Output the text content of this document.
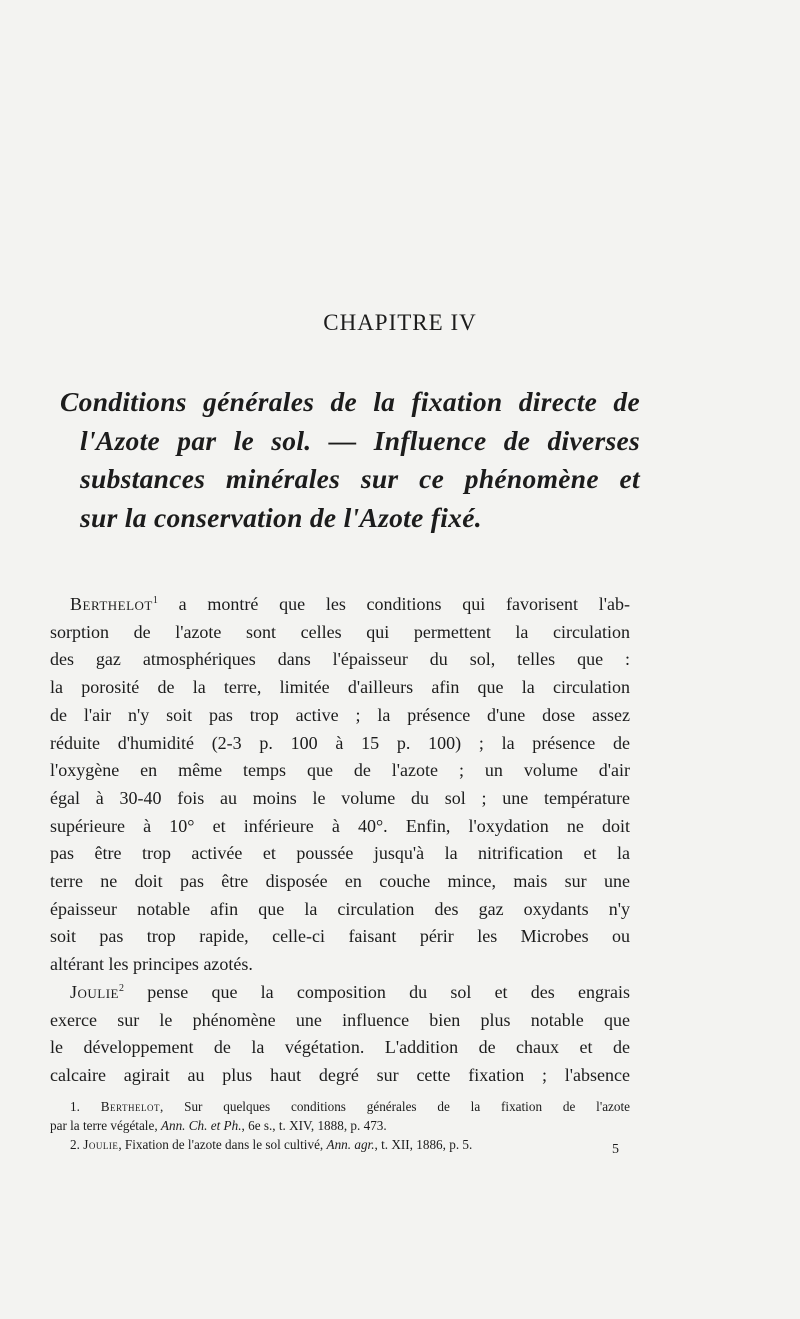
CHAPITRE IV
Conditions générales de la fixation directe de
l'Azote par le sol. — Influence de diverses
substances minérales sur ce phénomène et
sur la conservation de l'Azote fixé.
Berthelot$^1$ a montré que les conditions qui favorisent l'ab-
sorption de l'azote sont celles qui permettent la circulation
des gaz atmosphériques dans l'épaisseur du sol, telles que :
la porosité de la terre, limitée d'ailleurs afin que la circulation
de l'air n'y soit pas trop active ; la présence d'une dose assez
réduite d'humidité (2-3 p. 100 à 15 p. 100) ; la présence de
l'oxygène en même temps que de l'azote ; un volume d'air
égal à 30-40 fois au moins le volume du sol ; une température
supérieure à 10° et inférieure à 40°. Enfin, l'oxydation ne doit
pas être trop activée et poussée jusqu'à la nitrification et la
terre ne doit pas être disposée en couche mince, mais sur une
épaisseur notable afin que la circulation des gaz oxydants n'y
soit pas trop rapide, celle-ci faisant périr les Microbes ou
altérant les principes azotés.
Joulie$^2$ pense que la composition du sol et des engrais
exerce sur le phénomène une influence bien plus notable que
le développement de la végétation. L'addition de chaux et de
calcaire agirait au plus haut degré sur cette fixation ; l'absence
1. Berthelot, Sur quelques conditions générales de la fixation de l'azote
par la terre végétale, Ann. Ch. et Ph., 6e s., t. XIV, 1888, p. 473.
2. Joulie, Fixation de l'azote dans le sol cultivé, Ann. agr., t. XII, 1886, p. 5.	5
